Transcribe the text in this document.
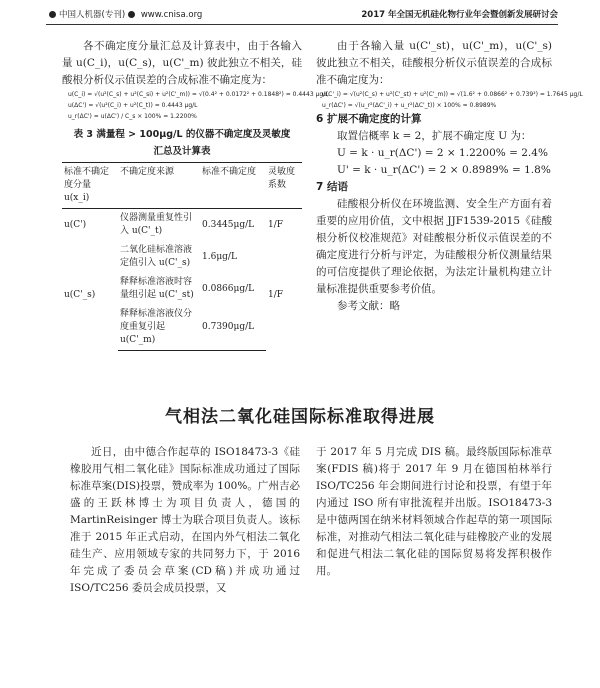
中国人机器(专刊) www.cnisa.org	2017 年全国无机硅化物行业年会暨创新发展研讨会

各不确定度分量汇总及计算表中，由于各输入量 u(C_i)，u(C_s)，u(C'_m) 彼此独立不相关，硅酸根分析仪示值误差的合成标准不确定度为：

u(C_i) = √(u²(C_s) + u²(C_si) + u²(C'_m)) = √(0.4² + 0.0172² + 0.1848²) = 0.4443 μg/L

u(ΔC') = √(u²(C_i) + u²(C_t)) = 0.4443 μg/L

u_r(ΔC') = u(ΔC') / C_s × 100% = 1.2200%

表 3 满量程 > 100μg/L 的仪器不确定度及灵敏度
汇总及计算表
标准不确定度分量 u(x_i)	不确定度来源	标准不确定度	灵敏度系数
u(C')	仪器测量重复性引入 u(C'_t)	0.3445μg/L	1/F
u(C'_s)	二氧化硅标准溶液定值引入 u(C'_s)	1.6μg/L	1/F
	释释标准溶液时容量组引起 u(C'_st)	0.0866μg/L	
	释释标准溶液仪分度重复引起 u(C'_m)	0.7390μg/L	

由于各输入量 u(C'_st)，u(C'_m)，u(C'_s) 彼此独立不相关，硅酸根分析仪示值误差的合成标准不确定度为：

u(C'_i) = √(u²(C_s) + u²(C'_st) + u²(C'_m)) = √(1.6² + 0.0866² + 0.739²) = 1.7645 μg/L

u_r(ΔC') = √(u_r²(ΔC'_i) + u_r²(ΔC'_t)) × 100% = 0.8989%

6 扩展不确定度的计算

取置信概率 k = 2，扩展不确定度 U 为：

U = k · u_r(ΔC') = 2 × 1.2200% = 2.4%

U' = k · u_r(ΔC') = 2 × 0.8989% = 1.8%

7 结语

硅酸根分析仪在环境监测、安全生产方面有着重要的应用价值，文中根据 JJF1539-2015《硅酸根分析仪校准规范》对硅酸根分析仪示值误差的不确定度进行分析与评定，为硅酸根分析仪测量结果的可信度提供了理论依据，为法定计量机构建立计量标准提供重要参考价值。

参考文献：略

气相法二氧化硅国际标准取得进展

近日，由中德合作起草的 ISO18473-3《硅橡胶用气相二氧化硅》国际标准成功通过了国际标准草案(DIS)投票，赞成率为 100%。广州吉必盛的王跃林博士为项目负责人，德国的 MartinReisinger 博士为联合项目负责人。该标准于 2015 年正式启动，在国内外气相法二氧化硅生产、应用领域专家的共同努力下，于 2016 年完成了委员会草案(CD稿)并成功通过 ISO/TC256 委员会成员投票，又

于 2017 年 5 月完成 DIS 稿。最终版国际标准草案(FDIS 稿)将于 2017 年 9 月在德国柏林举行 ISO/TC256 年会期间进行讨论和投票，有望于年内通过 ISO 所有审批流程并出版。ISO18473-3 是中德两国在纳米材料领域合作起草的第一项国际标准，对推动气相法二氧化硅与硅橡胶产业的发展和促进气相法二氧化硅的国际贸易将发挥积极作用。
